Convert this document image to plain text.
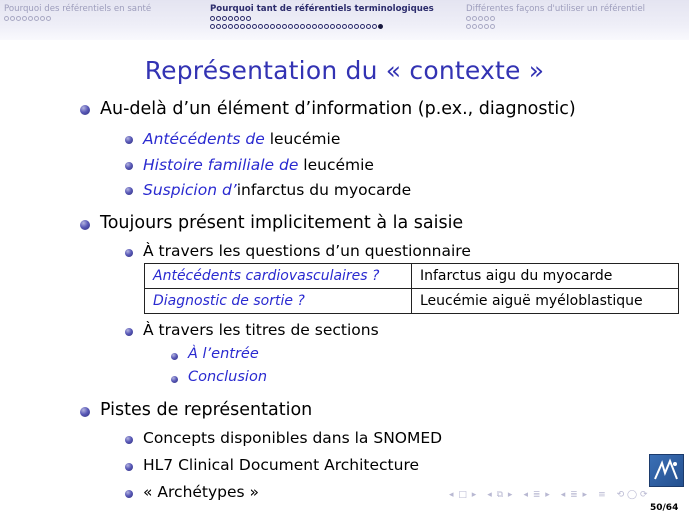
Pourquoi des référentiels en santé	Pourquoi tant de référentiels terminologiques	Différentes façons d'utiliser un référentiel
Représentation du « contexte »
Au-delà d’un élément d’information (p.ex., diagnostic)
Antécédents de leucémie
Histoire familiale de leucémie
Suspicion d’infarctus du myocarde
Toujours présent implicitement à la saisie
À travers les questions d’un questionnaire
Antécédents cardiovasculaires ?	Infarctus aigu du myocarde
Diagnostic de sortie ?	Leucémie aiguë myéloblastique
À travers les titres de sections
À l’entrée
Conclusion
Pistes de représentation
Concepts disponibles dans la SNOMED
HL7 Clinical Document Architecture
« Archétypes »	◂ □ ▸ ◂ ⧉ ▸ ◂ ≣ ▸ ◂ ≣ ▸ ≡ ⟲ ◯ ⟳
50/64
